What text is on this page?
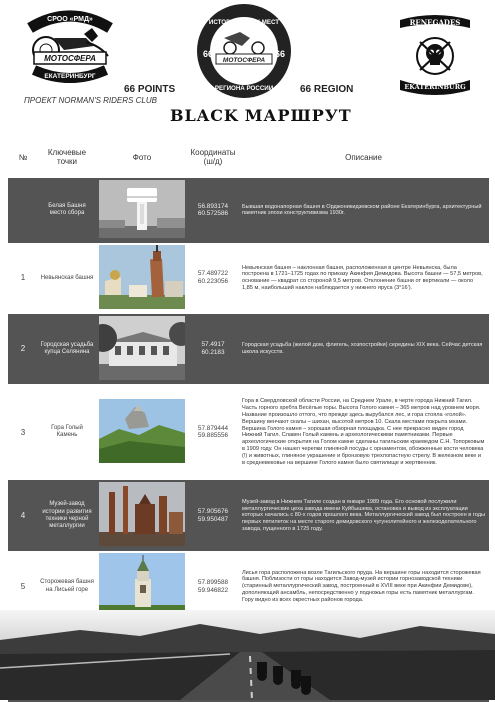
СРОО «РМД»
МОТОСФЕРА
ЕКАТЕРИНБУРГ
66 POINTS
ИСТОРИЧЕСКИХ МЕСТ
66	66
МОТОСФЕРА
РЕГИОНА РОССИИ	66 REGION
RENEGADES
EKATERINBURG
ПРОЕКТ NORMAN'S RIDERS CLUB
BLACK МАРШРУТ
№	Ключевые точки	Фото	Координаты (ш/д)	Описание
	Белая Башня место сбора		56.893174
60.572586	Бывшая водонапорная башня в Орджоникидзевском районе Екатеринбурга, архитектурный памятник эпохи конструктивизма 1930г.
1	Невьянская башня		57.489722
60.223056	Невьянская башня – наклонная башня, расположенная в центре Невьянска, была построена в 1721–1725 годах по приказу Акинфия Демидова. Высота башни — 57,5 метров, основание — квадрат со стороной 9,5 метров. Отклонение башни от вертикали — около 1,85 м, наибольший наклон наблюдается у нижнего яруса (3°16').
2	Городская усадьба купца Селянина		57.4917
60.2183	Городская усадьба (жилой дом, флигель, хозпостройки) середины XIX века. Сейчас детская школа искусств.
3	Гора Голый Камень		57.879444
59.885556	Гора в Свердловской области России, на Среднем Урале, в черте города Нижний Тагил. Часть горного хребта Весёлые горы. Высота Голого камня – 365 метров над уровнем моря. Название произошло оттого, что прежде здесь вырубался лес, и гора стояла «голой». Вершину венчают скалы – шихан, высотой метров 10. Скала местами покрыта мхами. Вершина Голого камня – хорошая обзорная площадка. С нее прекрасно виден город Нижний Тагил. Славен Голый камень и археологическими памятниками. Первые археологические открытия на Голом камне сделаны тагильским краеведом С.Н. Топорковым в 1909 году. Он нашел черепки глиняной посуды с орнаментом, обожженные кости человека (!) и животных, глиняное украшение и бронзовую трехлопастную стрелу. В железном веке и в средневековье на вершине Голого камня было святилище и жертвенник.
4	Музей-завод истории развития техники черной металлургии		57.905676
59.950487	Музей-завод в Нижнем Тагиле создан в январе 1989 года. Его основой послужили металлургические цеха завода имени Куйбышева, остановка и вывод из эксплуатации которых начались с 80-х годов прошлого века. Металлургический завод был построен в годы первых пятилеток на месте старого демидовского чугунолитейного и железоделательного завода, пущенного в 1725 году.
5	Сторожевая башня на Лисьей горе		57.899588
59.946822	Лисья гора расположена возле Тагильского пруда. На вершине горы находится сторожевая башня. Поблизости от горы находится Завод-музей истории горнозаводской техники (старинный металлургический завод, построенный в XVIII веке при Акинфии Демидове), дополняющий ансамбль, непосредственно у подножья горы есть памятник металлургам. Гору видно из всех окрестных районов города.
